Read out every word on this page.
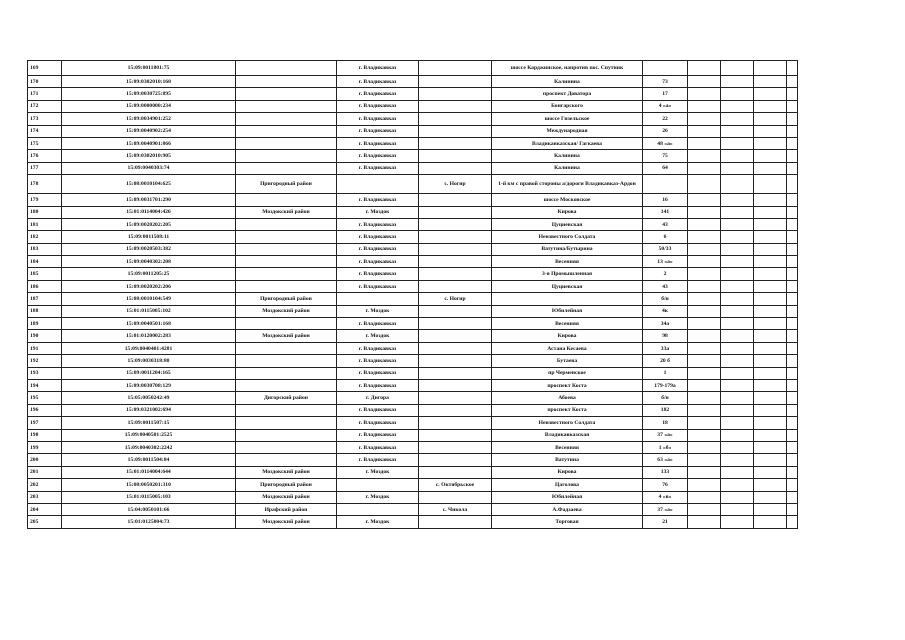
169	15:09:0011801:75		г. Владикавказ		шоссе Карджинское, напротив пос. Спутник					
170	15:09:0302010:160		г. Владикавказ		Калинина	73				
171	15:09:0030725:895		г. Владикавказ		проспект Доватора	17				
172	15:09:0000000:234		г. Владикавказ		Бонгарского	4 «а»				
173	15:09:0034901:252		г. Владикавказ		шоссе Гизельское	22				
174	15:09:0040902:254		г. Владикавказ		Международная	26				
175	15:09:0040901:866		г. Владикавказ		Владикавказская/ Гагкаева	48 «а»				
176	15:09:0302010:905		г. Владикавказ		Калинина	75				
177	15:09:0040303:74		г. Владикавказ		Калинина	64				
178	15:08:0010104:625	Пригородный район		с. Ногир	1-й км с правой стороны а/дороги Владикавказ-Ардон					
179	15:09:0031701:290		г. Владикавказ		шоссе Московское	16				
180	15:01:0114004:426	Моздокский район	г. Моздок		Кирова	141				
181	15:09:0020202:205		г. Владикавказ		Цуциевская	43				
182	15:09:0011508:11		г. Владикавказ		Неизвестного Солдата	6				
183	15:09:0020503:382		г. Владикавказ		Ватутина/Бутырина	50/33				
184	15:09:0040302:208		г. Владикавказ		Весенняя	13 «а»				
185	15:09:0011205:25		г. Владикавказ		3-я Промышленная	2				
186	15:09:0020202:206		г. Владикавказ		Цуциевская	43				
187	15:08:0010104:549	Пригородный район		с. Ногир		б/н				
188	15:01:0115005:102	Моздокский район	г. Моздок		Юбилейная	4к				
189	15:09:0040501:168		г. Владикавказ		Весенняя	34а				
190	15:01:0120002:283	Моздокский район	г. Моздок		Кирова	98				
191	15:09:0040401:4281		г. Владикавказ		Астана Кесаева	33а				
192	15:09:0030318:80		г. Владикавказ		Бутаева	20 б				
193	15:09:0011204:165		г. Владикавказ		пр Черменское	1				
194	15:09:0030708:129		г. Владикавказ		проспект Коста	179-179а				
195	15:05:0050242:49	Дигорский район	г. Дигора		Абоева	б/н				
196	15:09:0321002:694		г. Владикавказ		проспект Коста	182				
197	15:09:0011507:15		г. Владикавказ		Неизвестного Солдата	18				
198	15:09:0040501:2525		г. Владикавказ		Владикавказская	37 «а»				
199	15:09:0040302:2242		г. Владикавказ		Весенняя	1 «б»				
200	15:09:0011504:84		г. Владикавказ		Ватутина	63 «а»				
201	15:01:0114004:644	Моздокский район	г. Моздок		Кирова	133				
202	15:08:0050201:310	Пригородный район		с. Октябрьское	Цаголова	76				
203	15:01:0115005:103	Моздокский район	г. Моздок		Юбилейная	4 «в»				
204	15:04:0050101:66	Ирафский район		с. Чикола	А.Фадзаева	37 «а»				
205	15:01:0125004:73	Моздокский район	г. Моздок		Торговая	21				
